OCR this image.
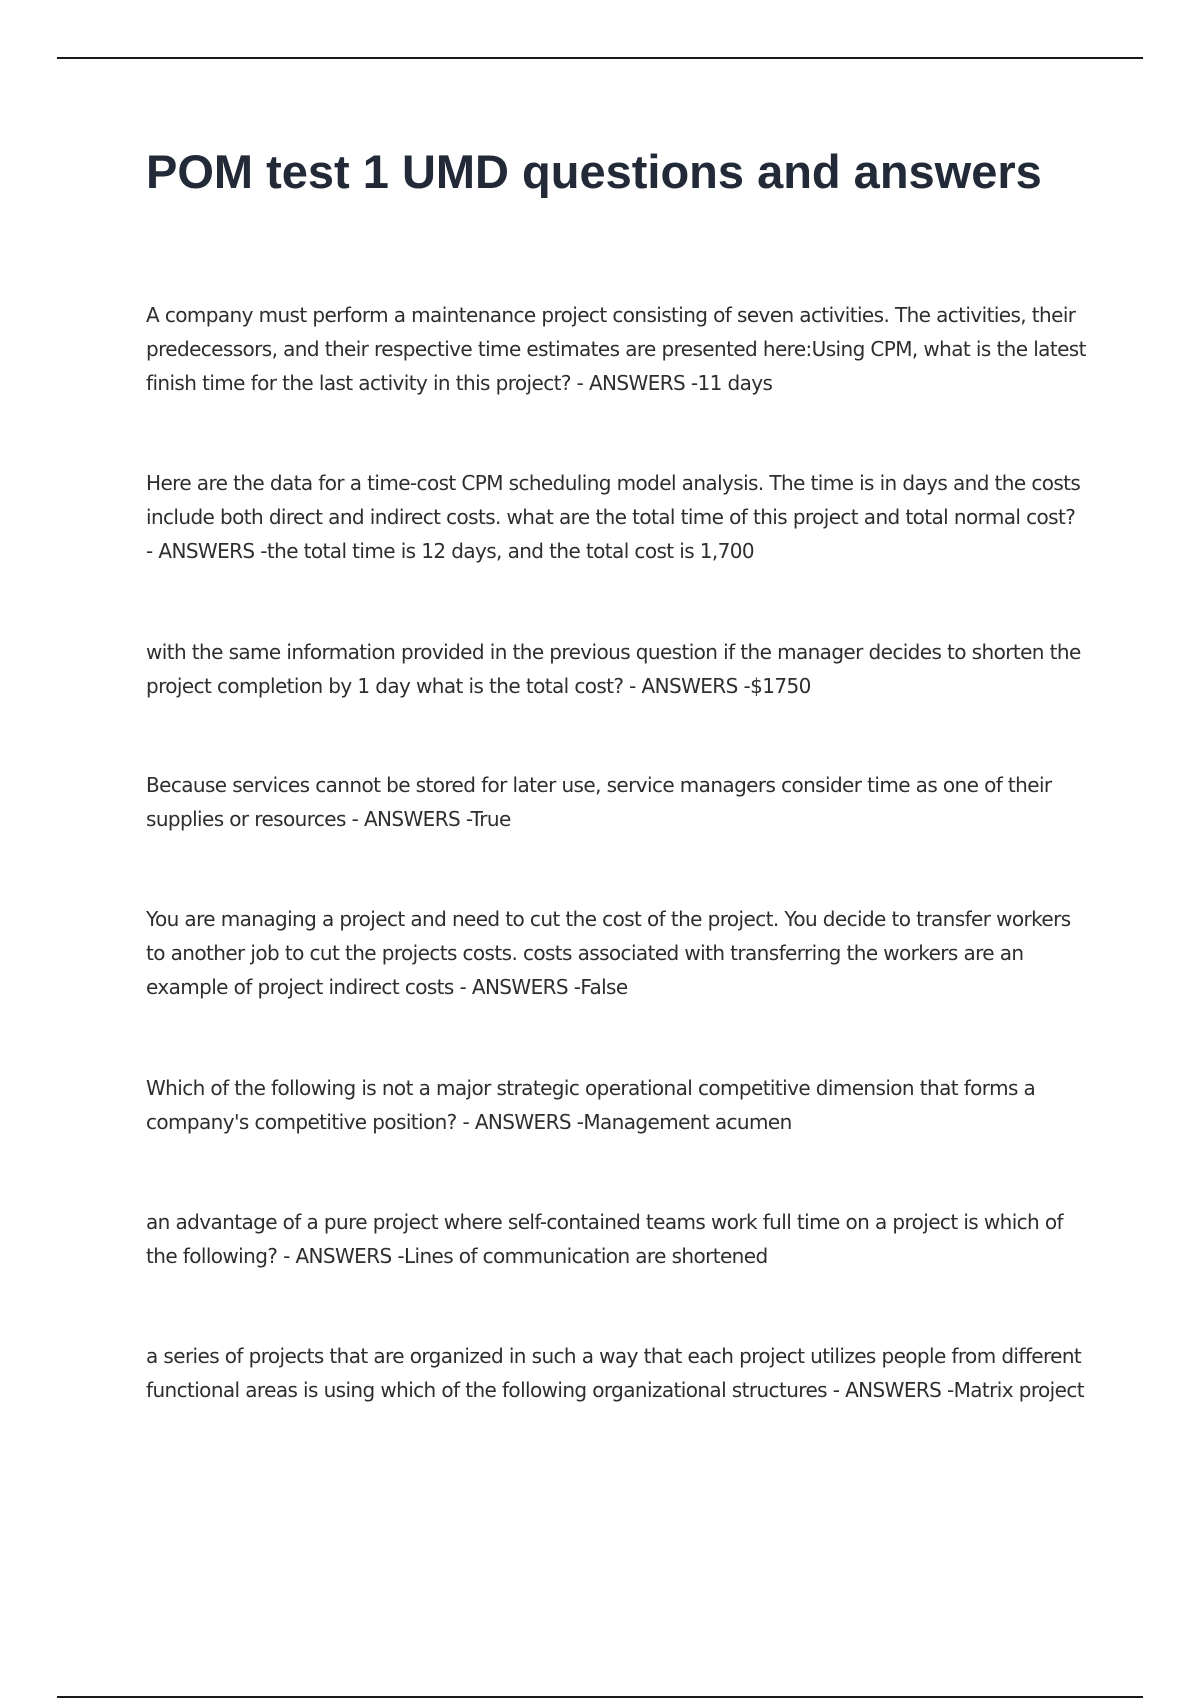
POM test 1 UMD questions and answers

A company must perform a maintenance project consisting of seven activities. The activities, their predecessors, and their respective time estimates are presented here:Using CPM, what is the latest finish time for the last activity in this project? - ANSWERS -11 days

Here are the data for a time-cost CPM scheduling model analysis. The time is in days and the costs include both direct and indirect costs. what are the total time of this project and total normal cost? - ANSWERS -the total time is 12 days, and the total cost is 1,700

with the same information provided in the previous question if the manager decides to shorten the project completion by 1 day what is the total cost? - ANSWERS -$1750

Because services cannot be stored for later use, service managers consider time as one of their supplies or resources - ANSWERS -True

You are managing a project and need to cut the cost of the project. You decide to transfer workers to another job to cut the projects costs. costs associated with transferring the workers are an example of project indirect costs - ANSWERS -False

Which of the following is not a major strategic operational competitive dimension that forms a company's competitive position? - ANSWERS -Management acumen

an advantage of a pure project where self-contained teams work full time on a project is which of the following? - ANSWERS -Lines of communication are shortened

a series of projects that are organized in such a way that each project utilizes people from different functional areas is using which of the following organizational structures - ANSWERS -Matrix project
